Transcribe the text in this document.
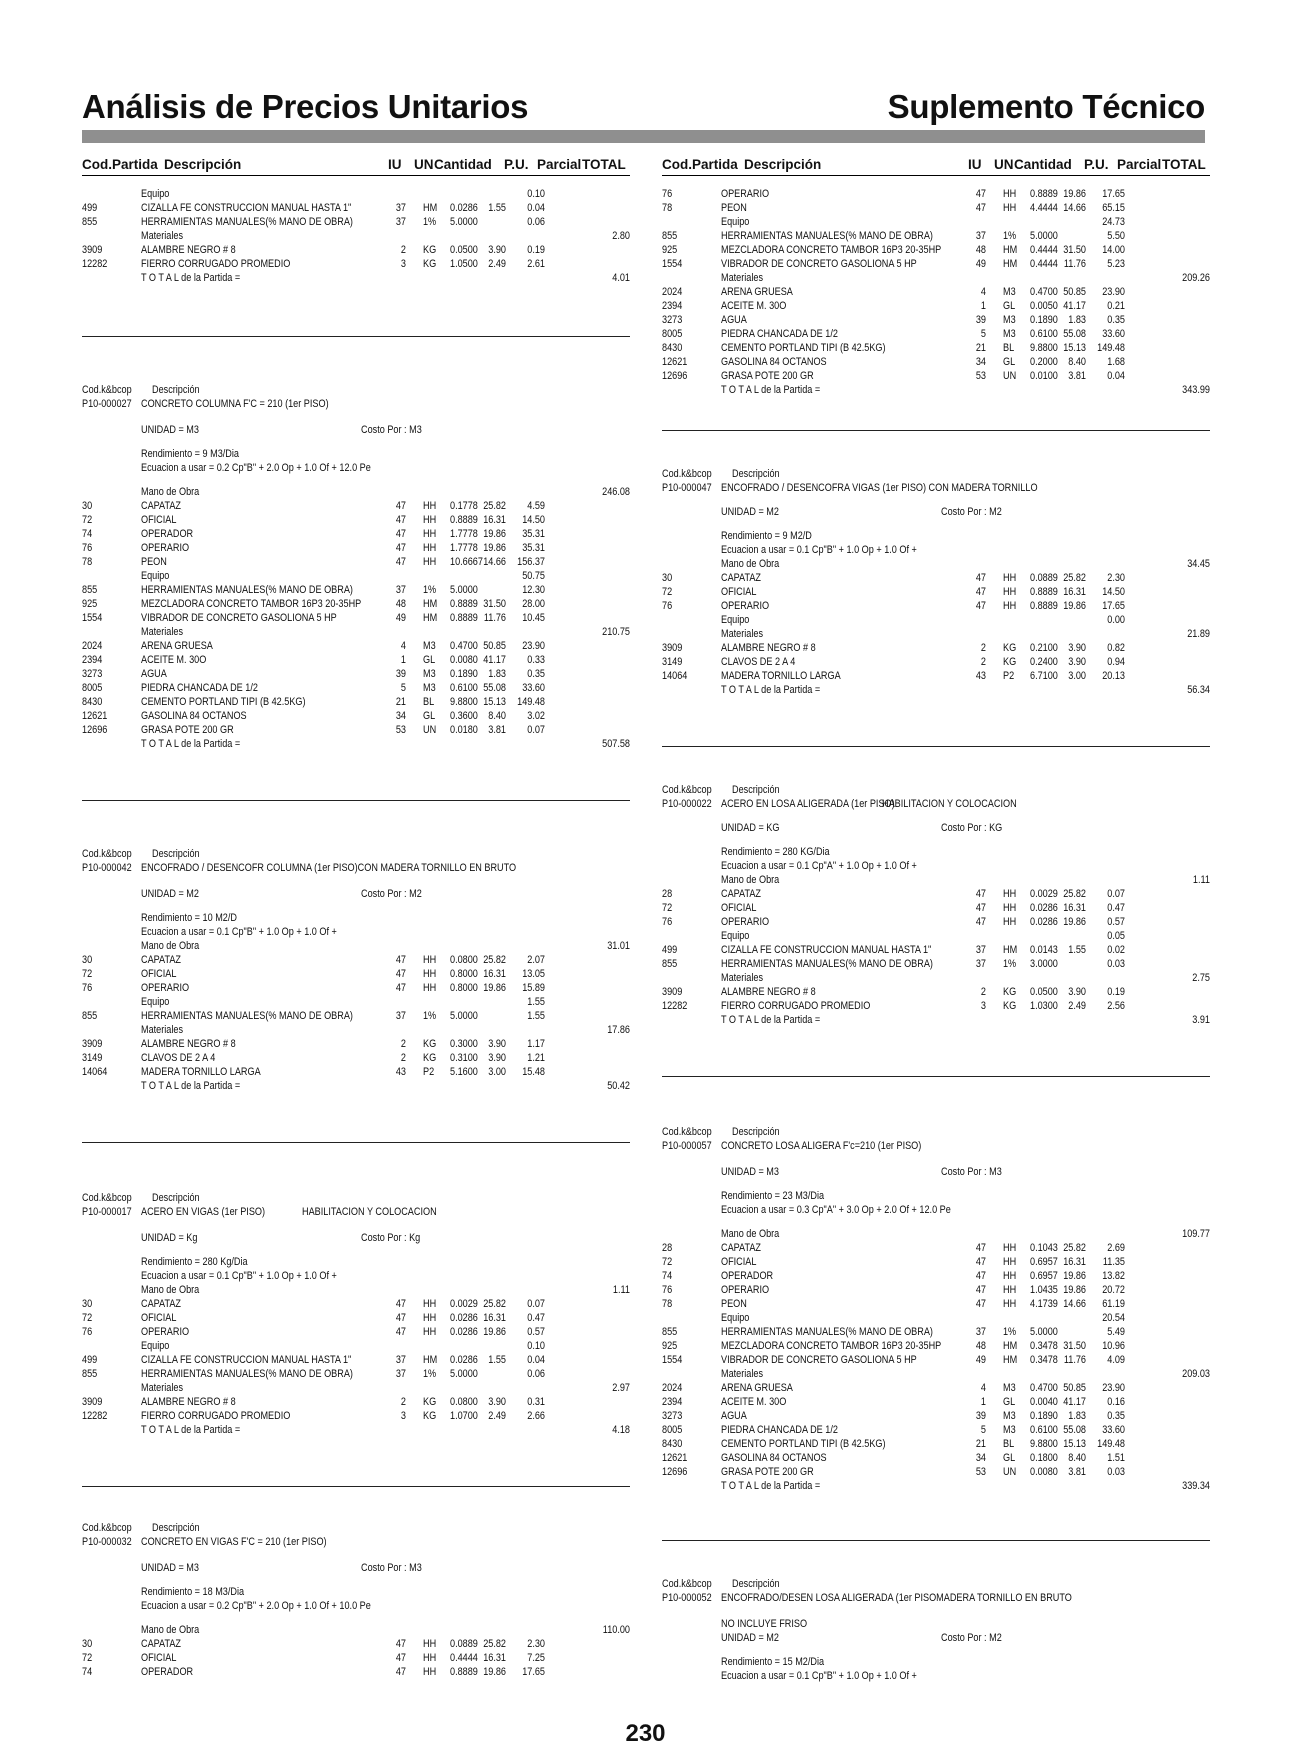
Análisis de Precios Unitarios	Suplemento Técnico
Cod.Partida Descripción	IU UN Cantidad P.U. Parcial TOTAL
Equipo	0.10
499	CIZALLA FE CONSTRUCCION MANUAL HASTA 1"	37 HM 0.0286 1.55 0.04
855	HERRAMIENTAS MANUALES(% MANO DE OBRA)	37 1% 5.0000	0.06
Materiales	2.80
3909	ALAMBRE NEGRO # 8	2 KG 0.0500 3.90 0.19
12282	FIERRO CORRUGADO PROMEDIO	3 KG 1.0500 2.49 2.61
T O T A L de la Partida =	4.01
Cod.k&bcop Descripción
P10-000027 CONCRETO COLUMNA F'C = 210 (1er PISO)
UNIDAD = M3	Costo Por : M3
Rendimiento = 9 M3/Dia
Ecuacion a usar = 0.2 Cp"B" + 2.0 Op + 1.0 Of + 12.0 Pe
Mano de Obra	246.08
30	CAPATAZ	47 HH 0.1778 25.82 4.59
72	OFICIAL	47 HH 0.8889 16.31 14.50
74	OPERADOR	47 HH 1.7778 19.86 35.31
76	OPERARIO	47 HH 1.7778 19.86 35.31
78	PEON	47 HH 10.6667 14.66 156.37
Equipo	50.75
855	HERRAMIENTAS MANUALES(% MANO DE OBRA)	37 1% 5.0000	12.30
925	MEZCLADORA CONCRETO TAMBOR 16P3 20-35HP	48 HM 0.8889 31.50 28.00
1554	VIBRADOR DE CONCRETO GASOLIONA 5 HP	49 HM 0.8889 11.76 10.45
Materiales	210.75
2024	ARENA GRUESA	4 M3 0.4700 50.85 23.90
2394	ACEITE M. 30O	1 GL 0.0080 41.17 0.33
3273	AGUA	39 M3 0.1890 1.83 0.35
8005	PIEDRA CHANCADA DE 1/2	5 M3 0.6100 55.08 33.60
8430	CEMENTO PORTLAND TIPI (B 42.5KG)	21 BL 9.8800 15.13 149.48
12621	GASOLINA 84 OCTANOS	34 GL 0.3600 8.40 3.02
12696	GRASA POTE 200 GR	53 UN 0.0180 3.81 0.07
T O T A L de la Partida =	507.58
Cod.k&bcop Descripción
P10-000042 ENCOFRADO / DESENCOFR COLUMNA (1er PISO)CON MADERA TORNILLO EN BRUTO
UNIDAD = M2	Costo Por : M2
Rendimiento = 10 M2/D
Ecuacion a usar = 0.1 Cp"B" + 1.0 Op + 1.0 Of +
Mano de Obra	31.01
30	CAPATAZ	47 HH 0.0800 25.82 2.07
72	OFICIAL	47 HH 0.8000 16.31 13.05
76	OPERARIO	47 HH 0.8000 19.86 15.89
Equipo	1.55
855	HERRAMIENTAS MANUALES(% MANO DE OBRA)	37 1% 5.0000	1.55
Materiales	17.86
3909	ALAMBRE NEGRO # 8	2 KG 0.3000 3.90 1.17
3149	CLAVOS DE 2 A 4	2 KG 0.3100 3.90 1.21
14064	MADERA TORNILLO LARGA	43 P2 5.1600 3.00 15.48
T O T A L de la Partida =	50.42
Cod.k&bcop Descripción
P10-000017 ACERO EN VIGAS (1er PISO)	HABILITACION Y COLOCACION
UNIDAD = Kg	Costo Por : Kg
Rendimiento = 280 Kg/Dia
Ecuacion a usar = 0.1 Cp"B" + 1.0 Op + 1.0 Of +
Mano de Obra	1.11
30	CAPATAZ	47 HH 0.0029 25.82 0.07
72	OFICIAL	47 HH 0.0286 16.31 0.47
76	OPERARIO	47 HH 0.0286 19.86 0.57
Equipo	0.10
499	CIZALLA FE CONSTRUCCION MANUAL HASTA 1"	37 HM 0.0286 1.55 0.04
855	HERRAMIENTAS MANUALES(% MANO DE OBRA)	37 1% 5.0000	0.06
Materiales	2.97
3909	ALAMBRE NEGRO # 8	2 KG 0.0800 3.90 0.31
12282	FIERRO CORRUGADO PROMEDIO	3 KG 1.0700 2.49 2.66
T O T A L de la Partida =	4.18
Cod.k&bcop Descripción
P10-000032 CONCRETO EN VIGAS F'C = 210 (1er PISO)
UNIDAD = M3	Costo Por : M3
Rendimiento = 18 M3/Dia
Ecuacion a usar = 0.2 Cp"B" + 2.0 Op + 1.0 Of + 10.0 Pe
Mano de Obra	110.00
30	CAPATAZ	47 HH 0.0889 25.82 2.30
72	OFICIAL	47 HH 0.4444 16.31 7.25
74	OPERADOR	47 HH 0.8889 19.86 17.65
Cod.Partida Descripción	IU UN Cantidad P.U. Parcial TOTAL
76	OPERARIO	47 HH 0.8889 19.86 17.65
78	PEON	47 HH 4.4444 14.66 65.15
Equipo	24.73
855	HERRAMIENTAS MANUALES(% MANO DE OBRA)	37 1% 5.0000	5.50
925	MEZCLADORA CONCRETO TAMBOR 16P3 20-35HP	48 HM 0.4444 31.50 14.00
1554	VIBRADOR DE CONCRETO GASOLIONA 5 HP	49 HM 0.4444 11.76 5.23
Materiales	209.26
2024	ARENA GRUESA	4 M3 0.4700 50.85 23.90
2394	ACEITE M. 30O	1 GL 0.0050 41.17 0.21
3273	AGUA	39 M3 0.1890 1.83 0.35
8005	PIEDRA CHANCADA DE 1/2	5 M3 0.6100 55.08 33.60
8430	CEMENTO PORTLAND TIPI (B 42.5KG)	21 BL 9.8800 15.13 149.48
12621	GASOLINA 84 OCTANOS	34 GL 0.2000 8.40 1.68
12696	GRASA POTE 200 GR	53 UN 0.0100 3.81 0.04
T O T A L de la Partida =	343.99
Cod.k&bcop Descripción
P10-000047 ENCOFRADO / DESENCOFRA VIGAS (1er PISO) CON MADERA TORNILLO
UNIDAD = M2	Costo Por : M2
Rendimiento = 9 M2/D
Ecuacion a usar = 0.1 Cp"B" + 1.0 Op + 1.0 Of +
Mano de Obra	34.45
30	CAPATAZ	47 HH 0.0889 25.82 2.30
72	OFICIAL	47 HH 0.8889 16.31 14.50
76	OPERARIO	47 HH 0.8889 19.86 17.65
Equipo	0.00
Materiales	21.89
3909	ALAMBRE NEGRO # 8	2 KG 0.2100 3.90 0.82
3149	CLAVOS DE 2 A 4	2 KG 0.2400 3.90 0.94
14064	MADERA TORNILLO LARGA	43 P2 6.7100 3.00 20.13
T O T A L de la Partida =	56.34
Cod.k&bcop Descripción
P10-000022 ACERO EN LOSA ALIGERADA (1er PISO)
HABILITACION Y COLOCACION
UNIDAD = KG	Costo Por : KG
Rendimiento = 280 KG/Dia
Ecuacion a usar = 0.1 Cp"A" + 1.0 Op + 1.0 Of +
Mano de Obra	1.11
28	CAPATAZ	47 HH 0.0029 25.82 0.07
72	OFICIAL	47 HH 0.0286 16.31 0.47
76	OPERARIO	47 HH 0.0286 19.86 0.57
Equipo	0.05
499	CIZALLA FE CONSTRUCCION MANUAL HASTA 1"	37 HM 0.0143 1.55 0.02
855	HERRAMIENTAS MANUALES(% MANO DE OBRA)	37 1% 3.0000	0.03
Materiales	2.75
3909	ALAMBRE NEGRO # 8	2 KG 0.0500 3.90 0.19
12282	FIERRO CORRUGADO PROMEDIO	3 KG 1.0300 2.49 2.56
T O T A L de la Partida =	3.91
Cod.k&bcop Descripción
P10-000057 CONCRETO LOSA ALIGERA F'c=210 (1er PISO)
UNIDAD = M3	Costo Por : M3
Rendimiento = 23 M3/Dia
Ecuacion a usar = 0.3 Cp"A" + 3.0 Op + 2.0 Of + 12.0 Pe
Mano de Obra	109.77
28	CAPATAZ	47 HH 0.1043 25.82 2.69
72	OFICIAL	47 HH 0.6957 16.31 11.35
74	OPERADOR	47 HH 0.6957 19.86 13.82
76	OPERARIO	47 HH 1.0435 19.86 20.72
78	PEON	47 HH 4.1739 14.66 61.19
Equipo	20.54
855	HERRAMIENTAS MANUALES(% MANO DE OBRA)	37 1% 5.0000	5.49
925	MEZCLADORA CONCRETO TAMBOR 16P3 20-35HP	48 HM 0.3478 31.50 10.96
1554	VIBRADOR DE CONCRETO GASOLIONA 5 HP	49 HM 0.3478 11.76 4.09
Materiales	209.03
2024	ARENA GRUESA	4 M3 0.4700 50.85 23.90
2394	ACEITE M. 30O	1 GL 0.0040 41.17 0.16
3273	AGUA	39 M3 0.1890 1.83 0.35
8005	PIEDRA CHANCADA DE 1/2	5 M3 0.6100 55.08 33.60
8430	CEMENTO PORTLAND TIPI (B 42.5KG)	21 BL 9.8800 15.13 149.48
12621	GASOLINA 84 OCTANOS	34 GL 0.1800 8.40 1.51
12696	GRASA POTE 200 GR	53 UN 0.0080 3.81 0.03
T O T A L de la Partida =	339.34
Cod.k&bcop Descripción
P10-000052 ENCOFRADO/DESEN LOSA ALIGERADA (1er PISOMADERA TORNILLO EN BRUTO
NO INCLUYE FRISO
UNIDAD = M2	Costo Por : M2
Rendimiento = 15 M2/Dia
Ecuacion a usar = 0.1 Cp"B" + 1.0 Op + 1.0 Of +
230
